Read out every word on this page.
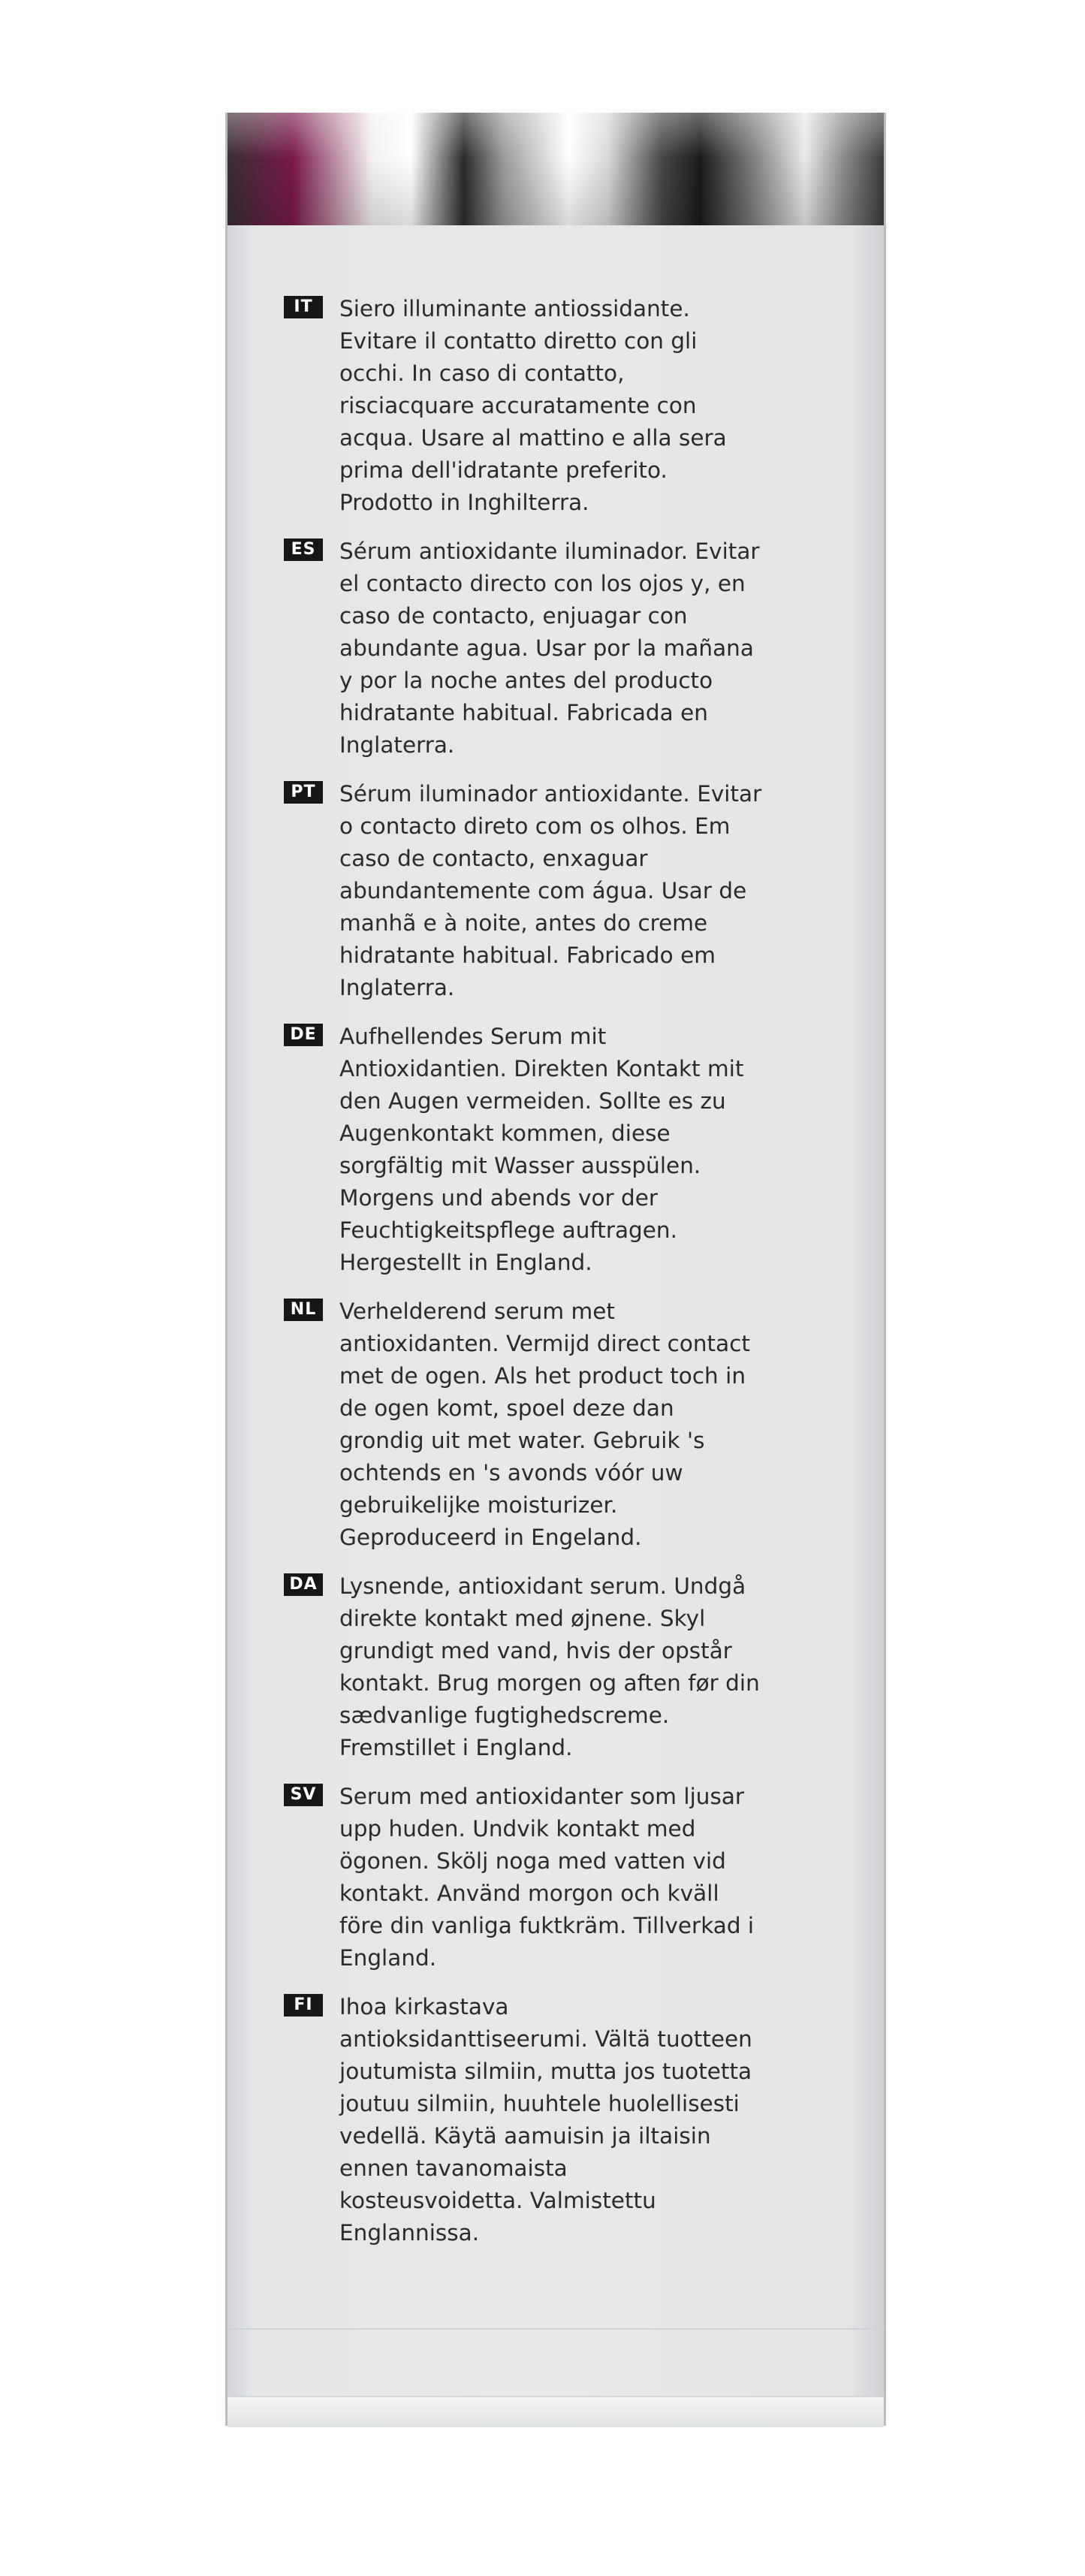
IT	Siero illuminante antiossidante.
Evitare il contatto diretto con gli
occhi. In caso di contatto,
risciacquare accuratamente con
acqua. Usare al mattino e alla sera
prima dell'idratante preferito.
Prodotto in Inghilterra.
ES	Sérum antioxidante iluminador. Evitar
el contacto directo con los ojos y, en
caso de contacto, enjuagar con
abundante agua. Usar por la mañana
y por la noche antes del producto
hidratante habitual. Fabricada en
Inglaterra.
PT	Sérum iluminador antioxidante. Evitar
o contacto direto com os olhos. Em
caso de contacto, enxaguar
abundantemente com água. Usar de
manhã e à noite, antes do creme
hidratante habitual. Fabricado em
Inglaterra.
DE Aufhellendes Serum mit
Antioxidantien. Direkten Kontakt mit
den Augen vermeiden. Sollte es zu
Augenkontakt kommen, diese
sorgfältig mit Wasser ausspülen.
Morgens und abends vor der
Feuchtigkeitspflege auftragen.
Hergestellt in England.
NL Verhelderend serum met
antioxidanten. Vermijd direct contact
met de ogen. Als het product toch in
de ogen komt, spoel deze dan
grondig uit met water. Gebruik 's
ochtends en 's avonds vóór uw
gebruikelijke moisturizer.
Geproduceerd in Engeland.
DA Lysnende, antioxidant serum. Undgå
direkte kontakt med øjnene. Skyl
grundigt med vand, hvis der opstår
kontakt. Brug morgen og aften før din
sædvanlige fugtighedscreme.
Fremstillet i England.
SV Serum med antioxidanter som ljusar
upp huden. Undvik kontakt med
ögonen. Skölj noga med vatten vid
kontakt. Använd morgon och kväll
före din vanliga fuktkräm. Tillverkad i
England.
FI	Ihoa kirkastava
antioksidanttiseerumi. Vältä tuotteen
joutumista silmiin, mutta jos tuotetta
joutuu silmiin, huuhtele huolellisesti
vedellä. Käytä aamuisin ja iltaisin
ennen tavanomaista
kosteusvoidetta. Valmistettu
Englannissa.
